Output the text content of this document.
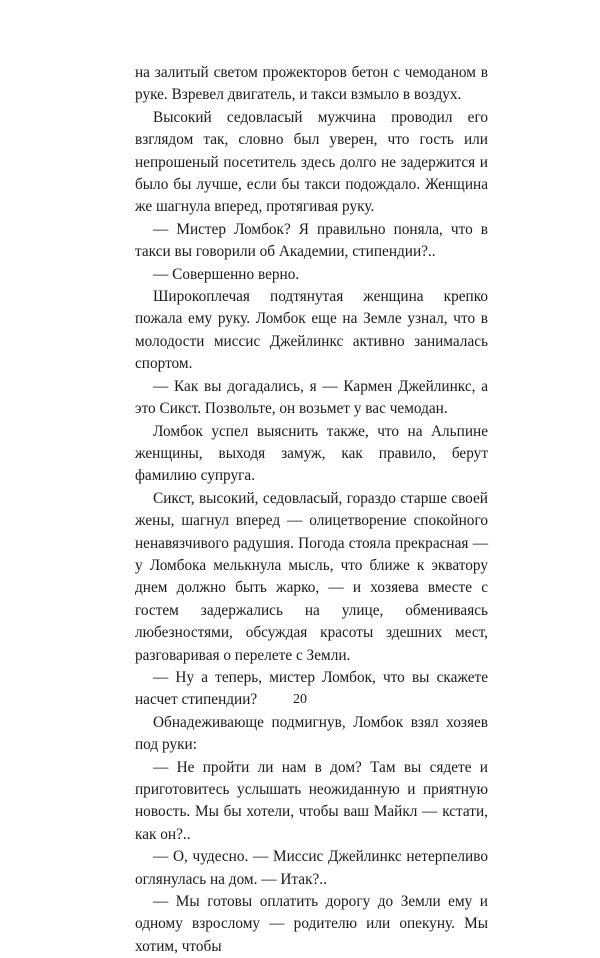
на залитый светом прожекторов бетон с чемоданом в руке. Взревел двигатель, и такси взмыло в воздух.

Высокий седовласый мужчина проводил его взглядом так, словно был уверен, что гость или непрошеный посетитель здесь долго не задержится и было бы лучше, если бы такси подождало. Женщина же шагнула вперед, протягивая руку.

— Мистер Ломбок? Я правильно поняла, что в такси вы говорили об Академии, стипендии?..

— Совершенно верно.

Широкоплечая подтянутая женщина крепко пожала ему руку. Ломбок еще на Земле узнал, что в молодости миссис Джейлинкс активно занималась спортом.

— Как вы догадались, я — Кармен Джейлинкс, а это Сикст. Позвольте, он возьмет у вас чемодан.

Ломбок успел выяснить также, что на Альпине женщины, выходя замуж, как правило, берут фамилию супруга.

Сикст, высокий, седовласый, гораздо старше своей жены, шагнул вперед — олицетворение спокойного ненавязчивого радушия. Погода стояла прекрасная — у Ломбока мелькнула мысль, что ближе к экватору днем должно быть жарко, — и хозяева вместе с гостем задержались на улице, обмениваясь любезностями, обсуждая красоты здешних мест, разговаривая о перелете с Земли.

— Ну а теперь, мистер Ломбок, что вы скажете насчет стипендии?

Обнадеживающе подмигнув, Ломбок взял хозяев под руки:

— Не пройти ли нам в дом? Там вы сядете и приготовитесь услышать неожиданную и приятную новость. Мы бы хотели, чтобы ваш Майкл — кстати, как он?..

— О, чудесно. — Миссис Джейлинкс нетерпеливо оглянулась на дом. — Итак?..

— Мы готовы оплатить дорогу до Земли ему и одному взрослому — родителю или опекуну. Мы хотим, чтобы

20
